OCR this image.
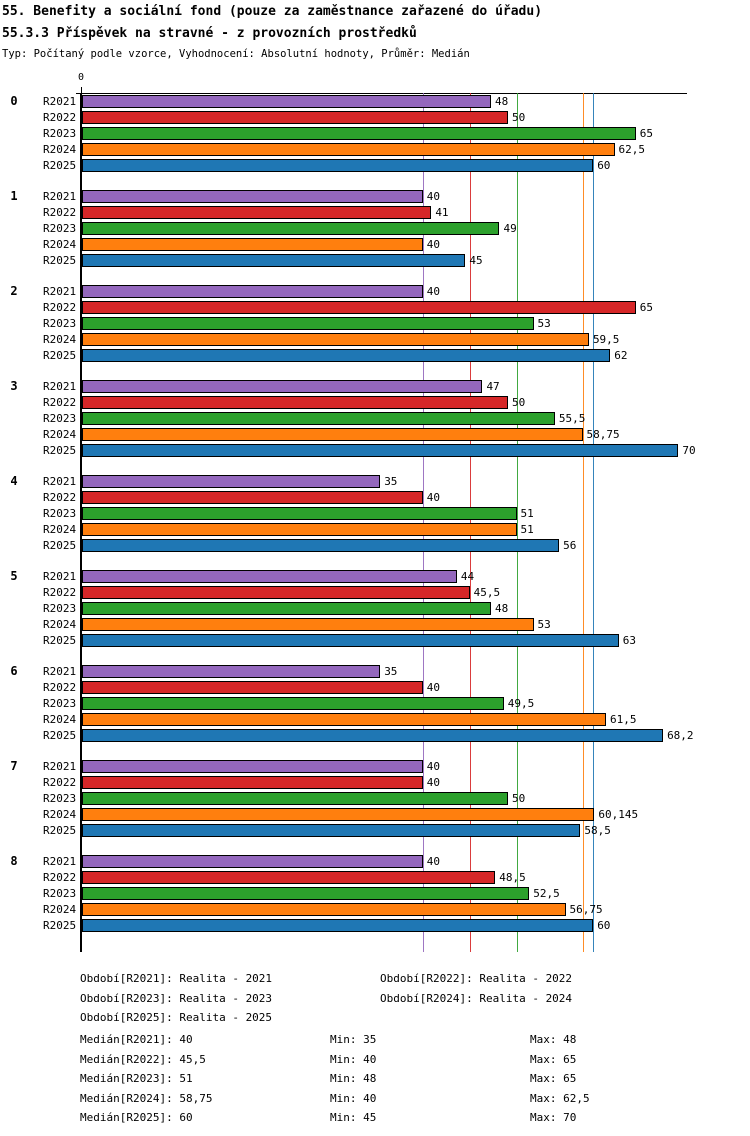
55. Benefity a sociální fond (pouze za zaměstnance zařazené do úřadu)
55.3.3 Příspěvek na stravné - z provozních prostředků
Typ: Počítaný podle vzorce, Vyhodnocení: Absolutní hodnoty, Průměr: Medián
0
0	R2021	48
R2022	50
R2023	65
R2024	62,5
R2025	60
1	R2021	40
R2022	41
R2023	49
R2024	40
R2025	45
2	R2021	40
R2022	65
R2023	53
R2024	59,5
R2025	62
3	R2021	47
R2022	50
R2023	55,5
R2024	58,75
R2025	70
4	R2021	35
R2022	40
R2023	51
R2024	51
R2025	56
5	R2021	44
R2022	45,5
R2023	48
R2024	53
R2025	63
6	R2021	35
R2022	40
R2023	49,5
R2024	61,5
R2025	68,2
7	R2021	40
R2022	40
R2023	50
R2024	60,145
R2025	58,5
8	R2021	40
R2022	48,5
R2023	52,5
R2024	56,75
R2025	60
Období[R2021]: Realita - 2021	Období[R2022]: Realita - 2022
Období[R2023]: Realita - 2023	Období[R2024]: Realita - 2024
Období[R2025]: Realita - 2025
Medián[R2021]: 40	Min: 35	Max: 48
Medián[R2022]: 45,5	Min: 40	Max: 65
Medián[R2023]: 51	Min: 48	Max: 65
Medián[R2024]: 58,75	Min: 40	Max: 62,5
Medián[R2025]: 60	Min: 45	Max: 70
